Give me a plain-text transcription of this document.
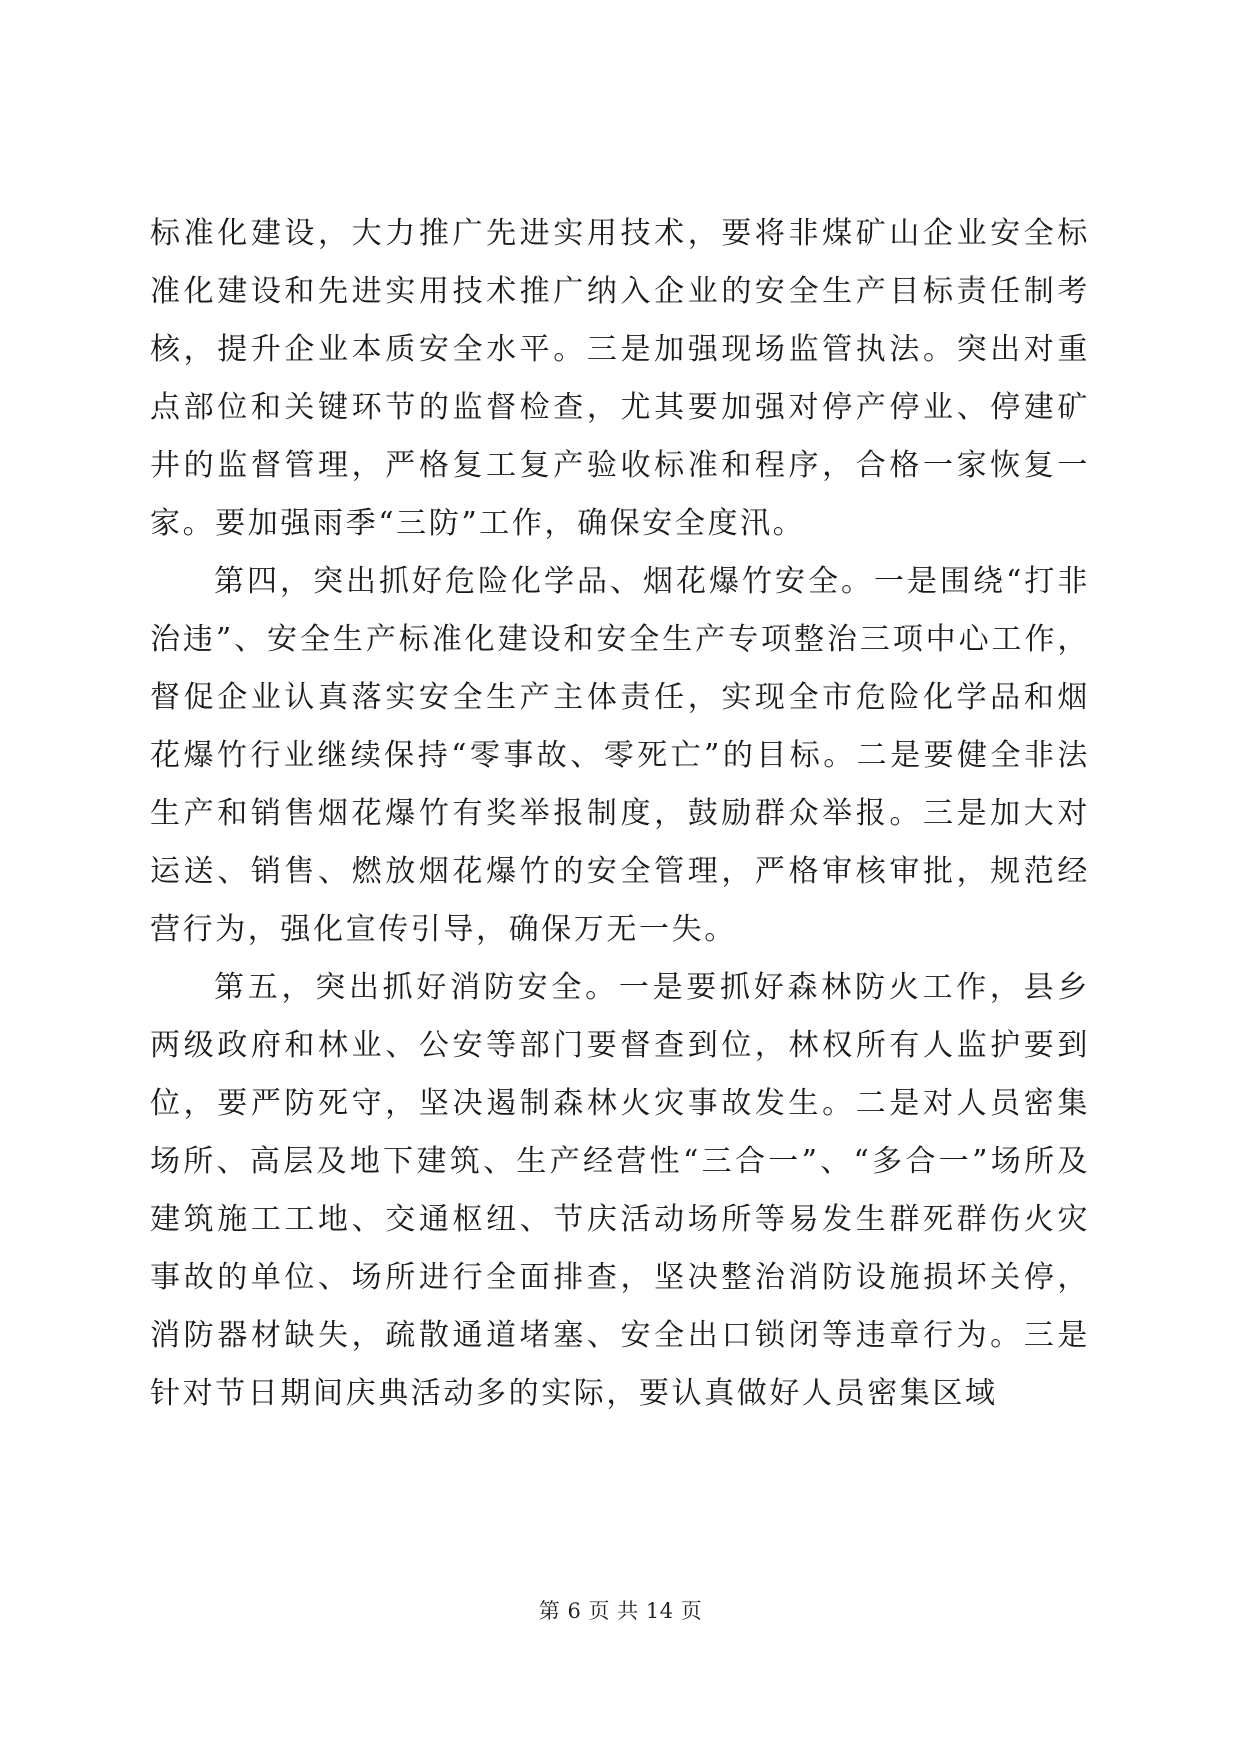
标准化建设，大力推广先进实用技术，要将非煤矿山企业安全标准化建设和先进实用技术推广纳入企业的安全生产目标责任制考核，提升企业本质安全水平。三是加强现场监管执法。突出对重点部位和关键环节的监督检查，尤其要加强对停产停业、停建矿井的监督管理，严格复工复产验收标准和程序，合格一家恢复一家。要加强雨季“三防”工作，确保安全度汛。

第四，突出抓好危险化学品、烟花爆竹安全。一是围绕“打非治违”、安全生产标准化建设和安全生产专项整治三项中心工作，督促企业认真落实安全生产主体责任，实现全市危险化学品和烟花爆竹行业继续保持“零事故、零死亡”的目标。二是要健全非法生产和销售烟花爆竹有奖举报制度，鼓励群众举报。三是加大对运送、销售、燃放烟花爆竹的安全管理，严格审核审批，规范经营行为，强化宣传引导，确保万无一失。

第五，突出抓好消防安全。一是要抓好森林防火工作，县乡两级政府和林业、公安等部门要督查到位，林权所有人监护要到位，要严防死守，坚决遏制森林火灾事故发生。二是对人员密集场所、高层及地下建筑、生产经营性“三合一”、“多合一”场所及建筑施工工地、交通枢纽、节庆活动场所等易发生群死群伤火灾事故的单位、场所进行全面排查，坚决整治消防设施损坏关停，消防器材缺失，疏散通道堵塞、安全出口锁闭等违章行为。三是针对节日期间庆典活动多的实际，要认真做好人员密集区域

第 6 页 共 14 页
